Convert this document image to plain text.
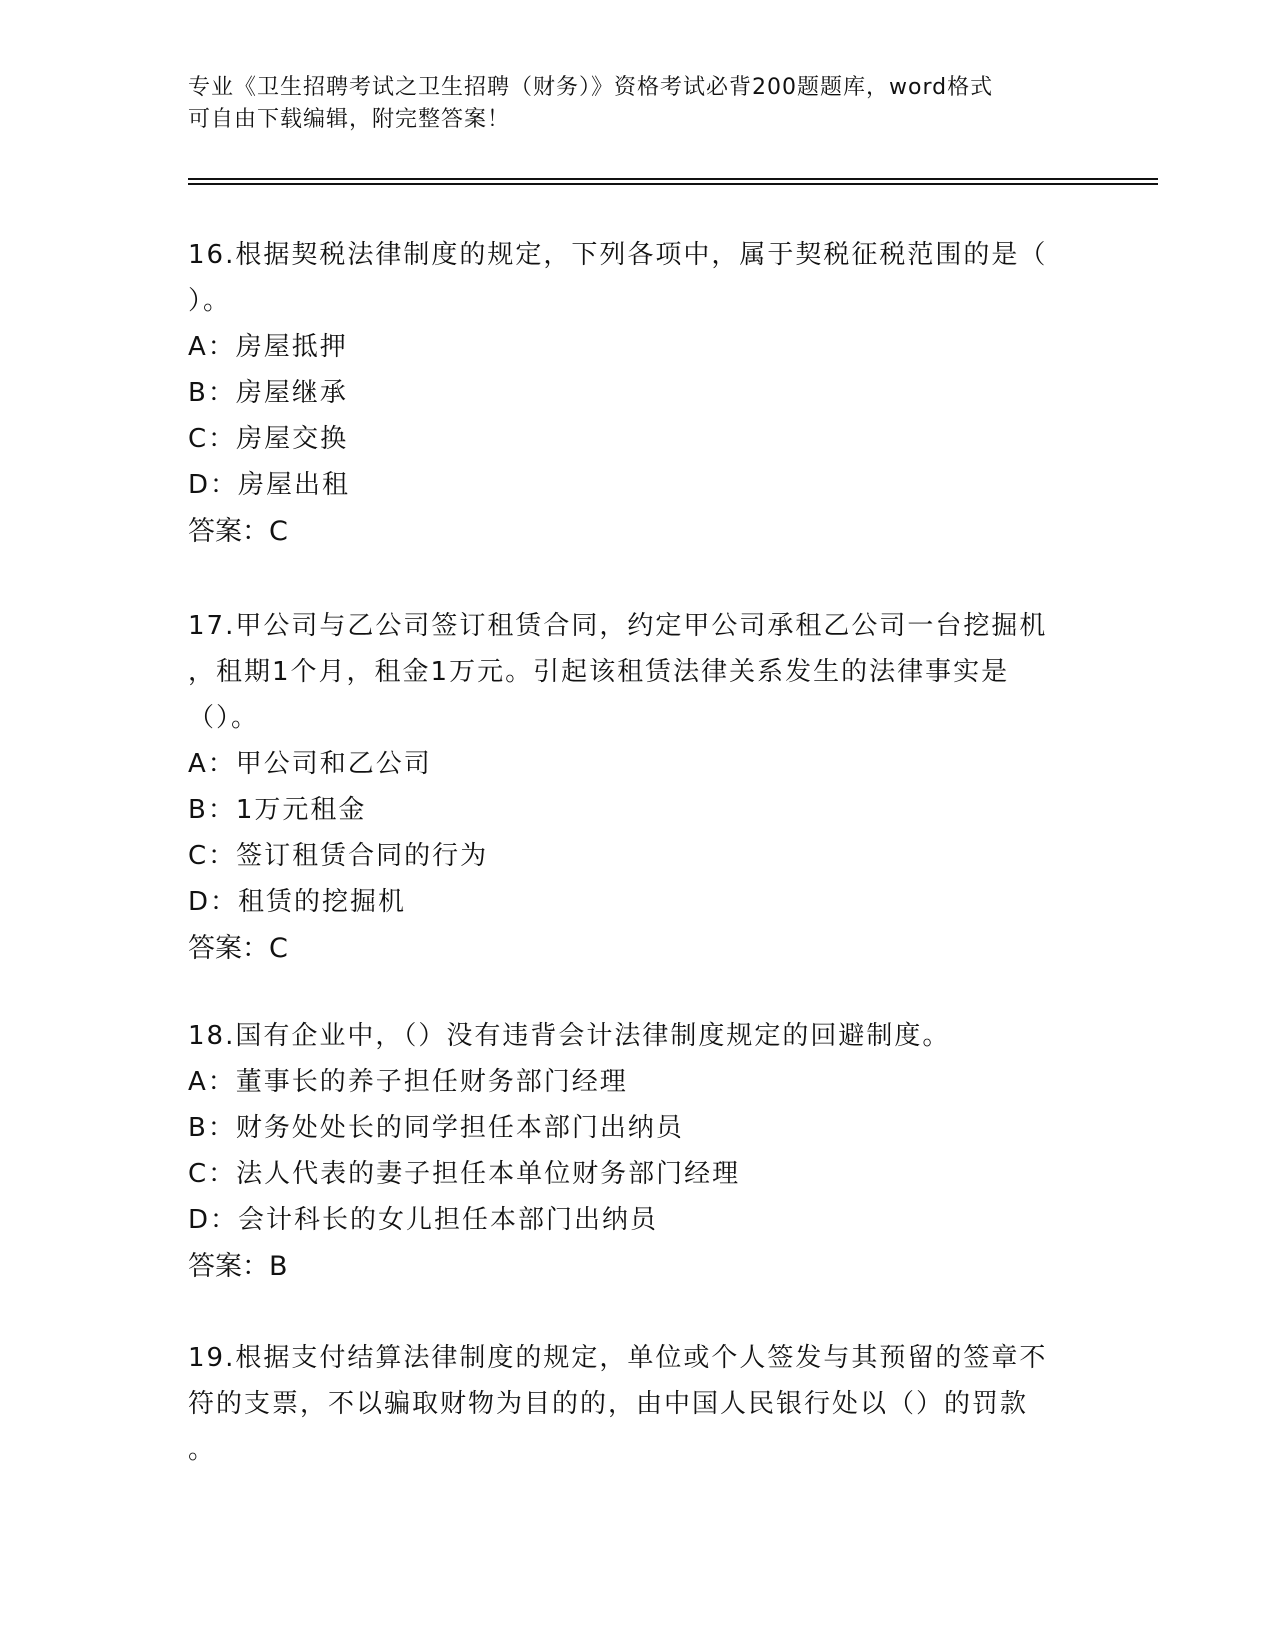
专业《卫生招聘考试之卫生招聘（财务）》资格考试必背200题题库，word格式
可自由下载编辑，附完整答案！

16.根据契税法律制度的规定，下列各项中，属于契税征税范围的是（

）。

A：房屋抵押

B：房屋继承

C：房屋交换

D：房屋出租

答案：C

17.甲公司与乙公司签订租赁合同，约定甲公司承租乙公司一台挖掘机

，租期1个月，租金1万元。引起该租赁法律关系发生的法律事实是

（）。

A：甲公司和乙公司

B：1万元租金

C：签订租赁合同的行为

D：租赁的挖掘机

答案：C

18.国有企业中，（）没有违背会计法律制度规定的回避制度。

A：董事长的养子担任财务部门经理

B：财务处处长的同学担任本部门出纳员

C：法人代表的妻子担任本单位财务部门经理

D：会计科长的女儿担任本部门出纳员

答案：B

19.根据支付结算法律制度的规定，单位或个人签发与其预留的签章不

符的支票，不以骗取财物为目的的，由中国人民银行处以（）的罚款

。
